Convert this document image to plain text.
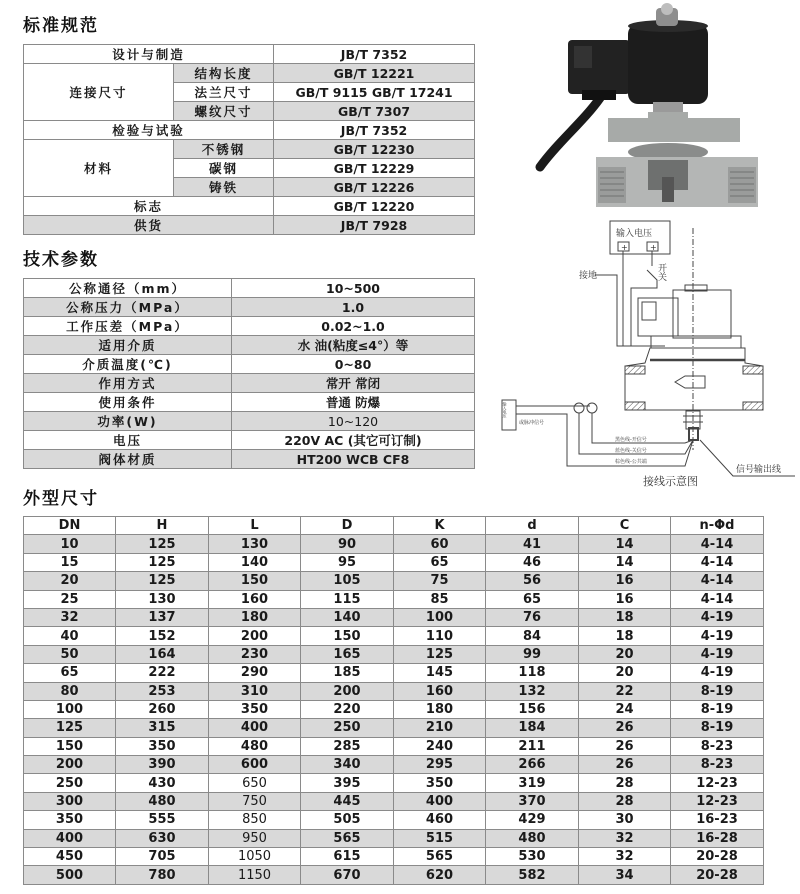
标准规范
设计与制造		JB/T 7352
连接尺寸	结构长度	GB/T 12221
	法兰尺寸	GB/T 9115 GB/T 17241
	螺纹尺寸	GB/T 7307
检验与试验		JB/T 7352
材料	不锈钢	GB/T 12230
	碳钢	GB/T 12229
	铸铁	GB/T 12226
标志		GB/T 12220
供货		JB/T 7928
输入电压
+	+
接地	开关
输入电压
或脉冲信号
黑色线-开信号
蓝色线-关信号
棕色线-公共端
信号输出线
接线示意图
技术参数
公称通径（mm）	10~500
公称压力（MPa）	1.0
工作压差（MPa）	0.02~1.0
适用介质	水 油(粘度≤4°）等
介质温度(℃)	0~80
作用方式	常开 常闭
使用条件	普通 防爆
功率(W)	10~120
电压	220V AC (其它可订制)
阀体材质	HT200 WCB CF8
外型尺寸
DN	H	L	D	K	d	C	n-Φd
10	125	130	90	60	41	14	4-14
15	125	140	95	65	46	14	4-14
20	125	150	105	75	56	16	4-14
25	130	160	115	85	65	16	4-14
32	137	180	140	100	76	18	4-19
40	152	200	150	110	84	18	4-19
50	164	230	165	125	99	20	4-19
65	222	290	185	145	118	20	4-19
80	253	310	200	160	132	22	8-19
100	260	350	220	180	156	24	8-19
125	315	400	250	210	184	26	8-19
150	350	480	285	240	211	26	8-23
200	390	600	340	295	266	26	8-23
250	430	650	395	350	319	28	12-23
300	480	750	445	400	370	28	12-23
350	555	850	505	460	429	30	16-23
400	630	950	565	515	480	32	16-28
450	705	1050	615	565	530	32	20-28
500	780	1150	670	620	582	34	20-28
